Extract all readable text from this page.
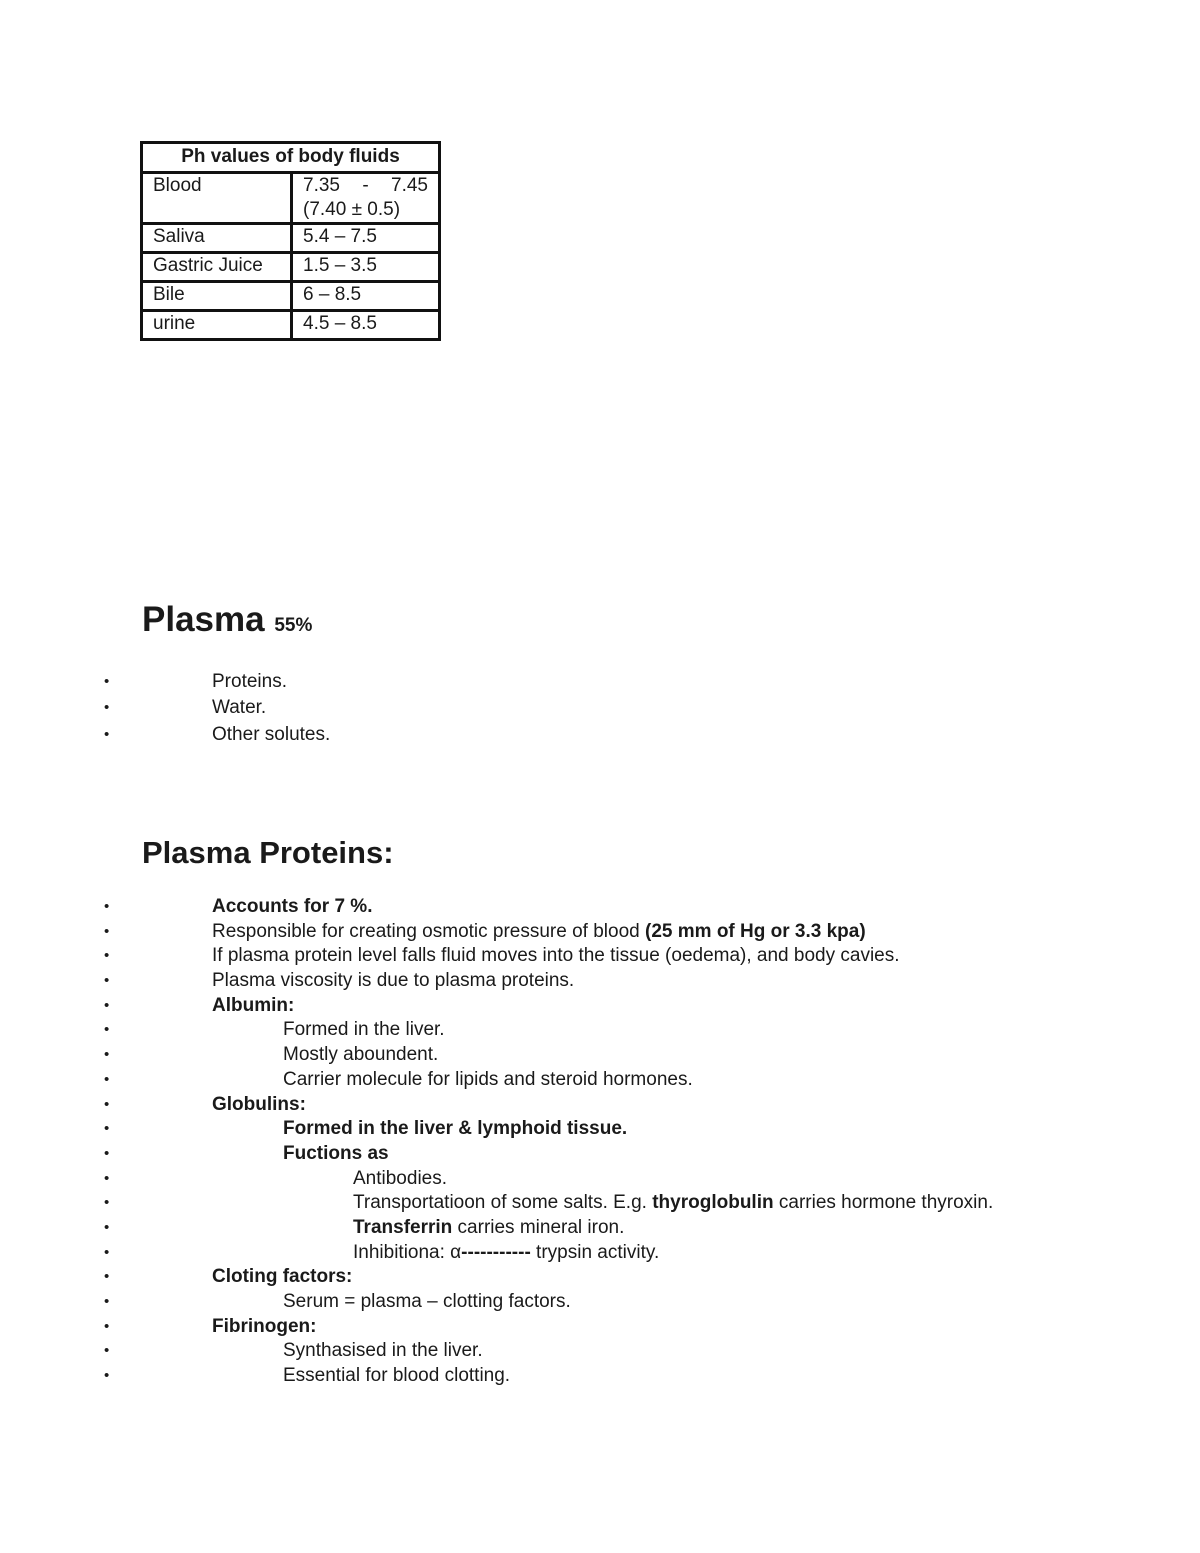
Ph values of body fluids	
Blood	7.35 - 7.45
(7.40 ± 0.5)

Saliva	5.4 – 7.5
Gastric Juice	1.5 – 3.5
Bile	6 – 8.5
urine	4.5 – 8.5
Plasma 55%
•	Proteins.
•	Water.
•	Other solutes.
Plasma Proteins:
•	Accounts for 7 %.
•	Responsible for creating osmotic pressure of blood (25 mm of Hg or 3.3 kpa)
•	If plasma protein level falls fluid moves into the tissue (oedema), and body cavies.
•	Plasma viscosity is due to plasma proteins.
•	Albumin:
•	Formed in the liver.
•	Mostly aboundent.
•	Carrier molecule for lipids and steroid hormones.
•	Globulins:
•	Formed in the liver & lymphoid tissue.
•	Fuctions as
•	Antibodies.
•	Transportatioon of some salts. E.g. thyroglobulin carries hormone thyroxin.
•	Transferrin carries mineral iron.
•	Inhibitiona: α----------- trypsin activity.
•	Cloting factors:
•	Serum = plasma – clotting factors.
•	Fibrinogen:
•	Synthasised in the liver.
•	Essential for blood clotting.
